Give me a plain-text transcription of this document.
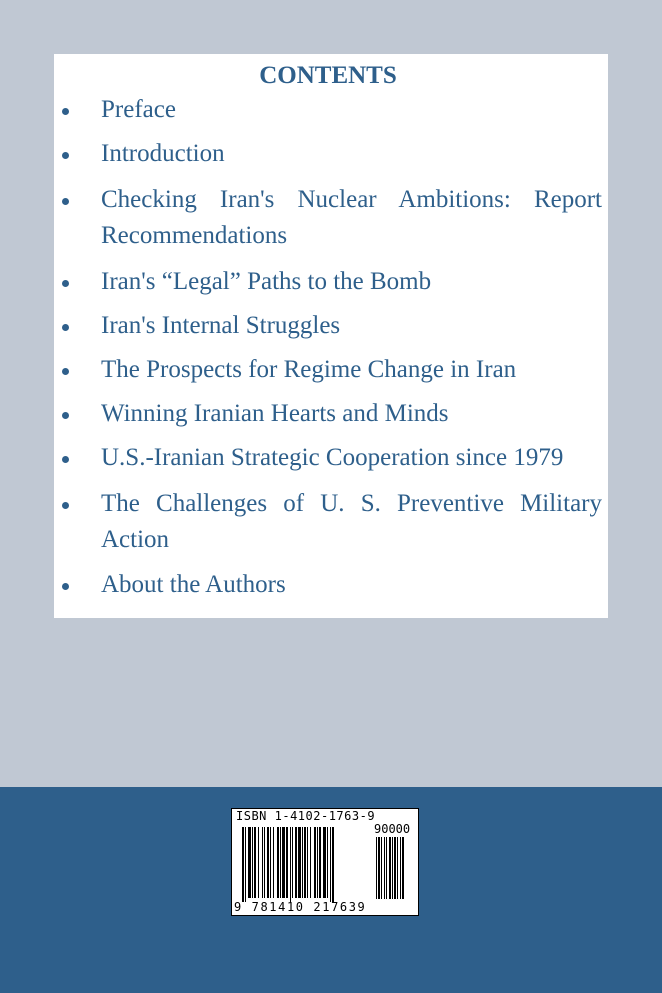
CONTENTS
Preface
Introduction
Checking Iran's Nuclear Ambitions: Report Recommendations
Iran's “Legal” Paths to the Bomb
Iran's Internal Struggles
The Prospects for Regime Change in Iran
Winning Iranian Hearts and Minds
U.S.-Iranian Strategic Cooperation since 1979
The Challenges of U. S. Preventive Military Action
About the Authors
ISBN 1-4102-1763-9
90000
9 781410 217639
